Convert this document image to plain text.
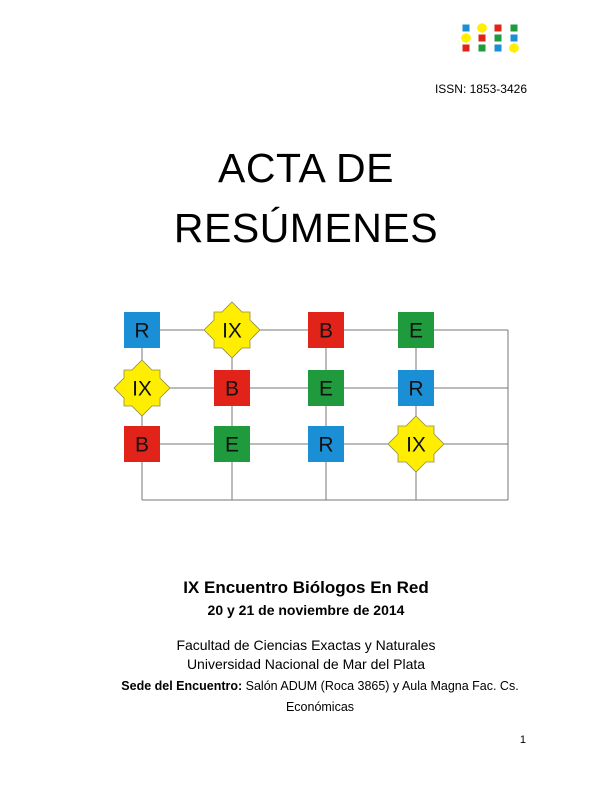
ISSN: 1853-3426

ACTA DE
RESÚMENES
R	IX	B	E
IX	B	E	R
B	E	R	IX

IX Encuentro Biólogos En Red

20 y 21 de noviembre de 2014

Facultad de Ciencias Exactas y Naturales

Universidad Nacional de Mar del Plata

Sede del Encuentro: Salón ADUM (Roca 3865) y Aula Magna Fac. Cs. Económicas

1
